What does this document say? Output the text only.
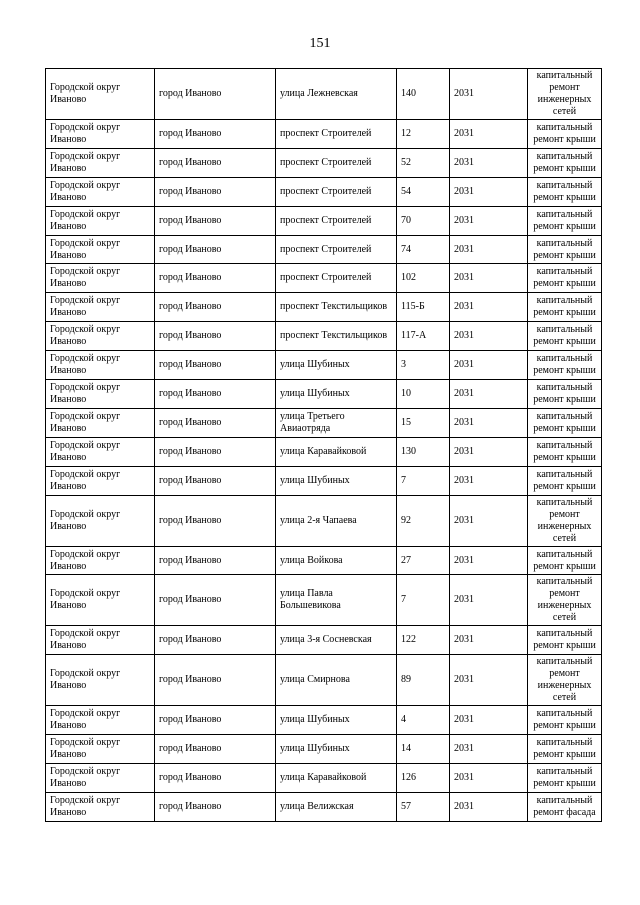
151
Городской округ Иваново	город Иваново	улица Лежневская	140	2031	капитальный ремонт инженерных сетей
Городской округ Иваново	город Иваново	проспект Строителей	12	2031	капитальный ремонт крыши
Городской округ Иваново	город Иваново	проспект Строителей	52	2031	капитальный ремонт крыши
Городской округ Иваново	город Иваново	проспект Строителей	54	2031	капитальный ремонт крыши
Городской округ Иваново	город Иваново	проспект Строителей	70	2031	капитальный ремонт крыши
Городской округ Иваново	город Иваново	проспект Строителей	74	2031	капитальный ремонт крыши
Городской округ Иваново	город Иваново	проспект Строителей	102	2031	капитальный ремонт крыши
Городской округ Иваново	город Иваново	проспект Текстильщиков	115-Б	2031	капитальный ремонт крыши
Городской округ Иваново	город Иваново	проспект Текстильщиков	117-А	2031	капитальный ремонт крыши
Городской округ Иваново	город Иваново	улица Шубиных	3	2031	капитальный ремонт крыши
Городской округ Иваново	город Иваново	улица Шубиных	10	2031	капитальный ремонт крыши
Городской округ Иваново	город Иваново	улица Третьего Авиаотряда	15	2031	капитальный ремонт крыши
Городской округ Иваново	город Иваново	улица Каравайковой	130	2031	капитальный ремонт крыши
Городской округ Иваново	город Иваново	улица Шубиных	7	2031	капитальный ремонт крыши
Городской округ Иваново	город Иваново	улица 2-я Чапаева	92	2031	капитальный ремонт инженерных сетей
Городской округ Иваново	город Иваново	улица Войкова	27	2031	капитальный ремонт крыши
Городской округ Иваново	город Иваново	улица Павла Большевикова	7	2031	капитальный ремонт инженерных сетей
Городской округ Иваново	город Иваново	улица 3-я Сосневская	122	2031	капитальный ремонт крыши
Городской округ Иваново	город Иваново	улица Смирнова	89	2031	капитальный ремонт инженерных сетей
Городской округ Иваново	город Иваново	улица Шубиных	4	2031	капитальный ремонт крыши
Городской округ Иваново	город Иваново	улица Шубиных	14	2031	капитальный ремонт крыши
Городской округ Иваново	город Иваново	улица Каравайковой	126	2031	капитальный ремонт крыши
Городской округ Иваново	город Иваново	улица Велижская	57	2031	капитальный ремонт фасада
